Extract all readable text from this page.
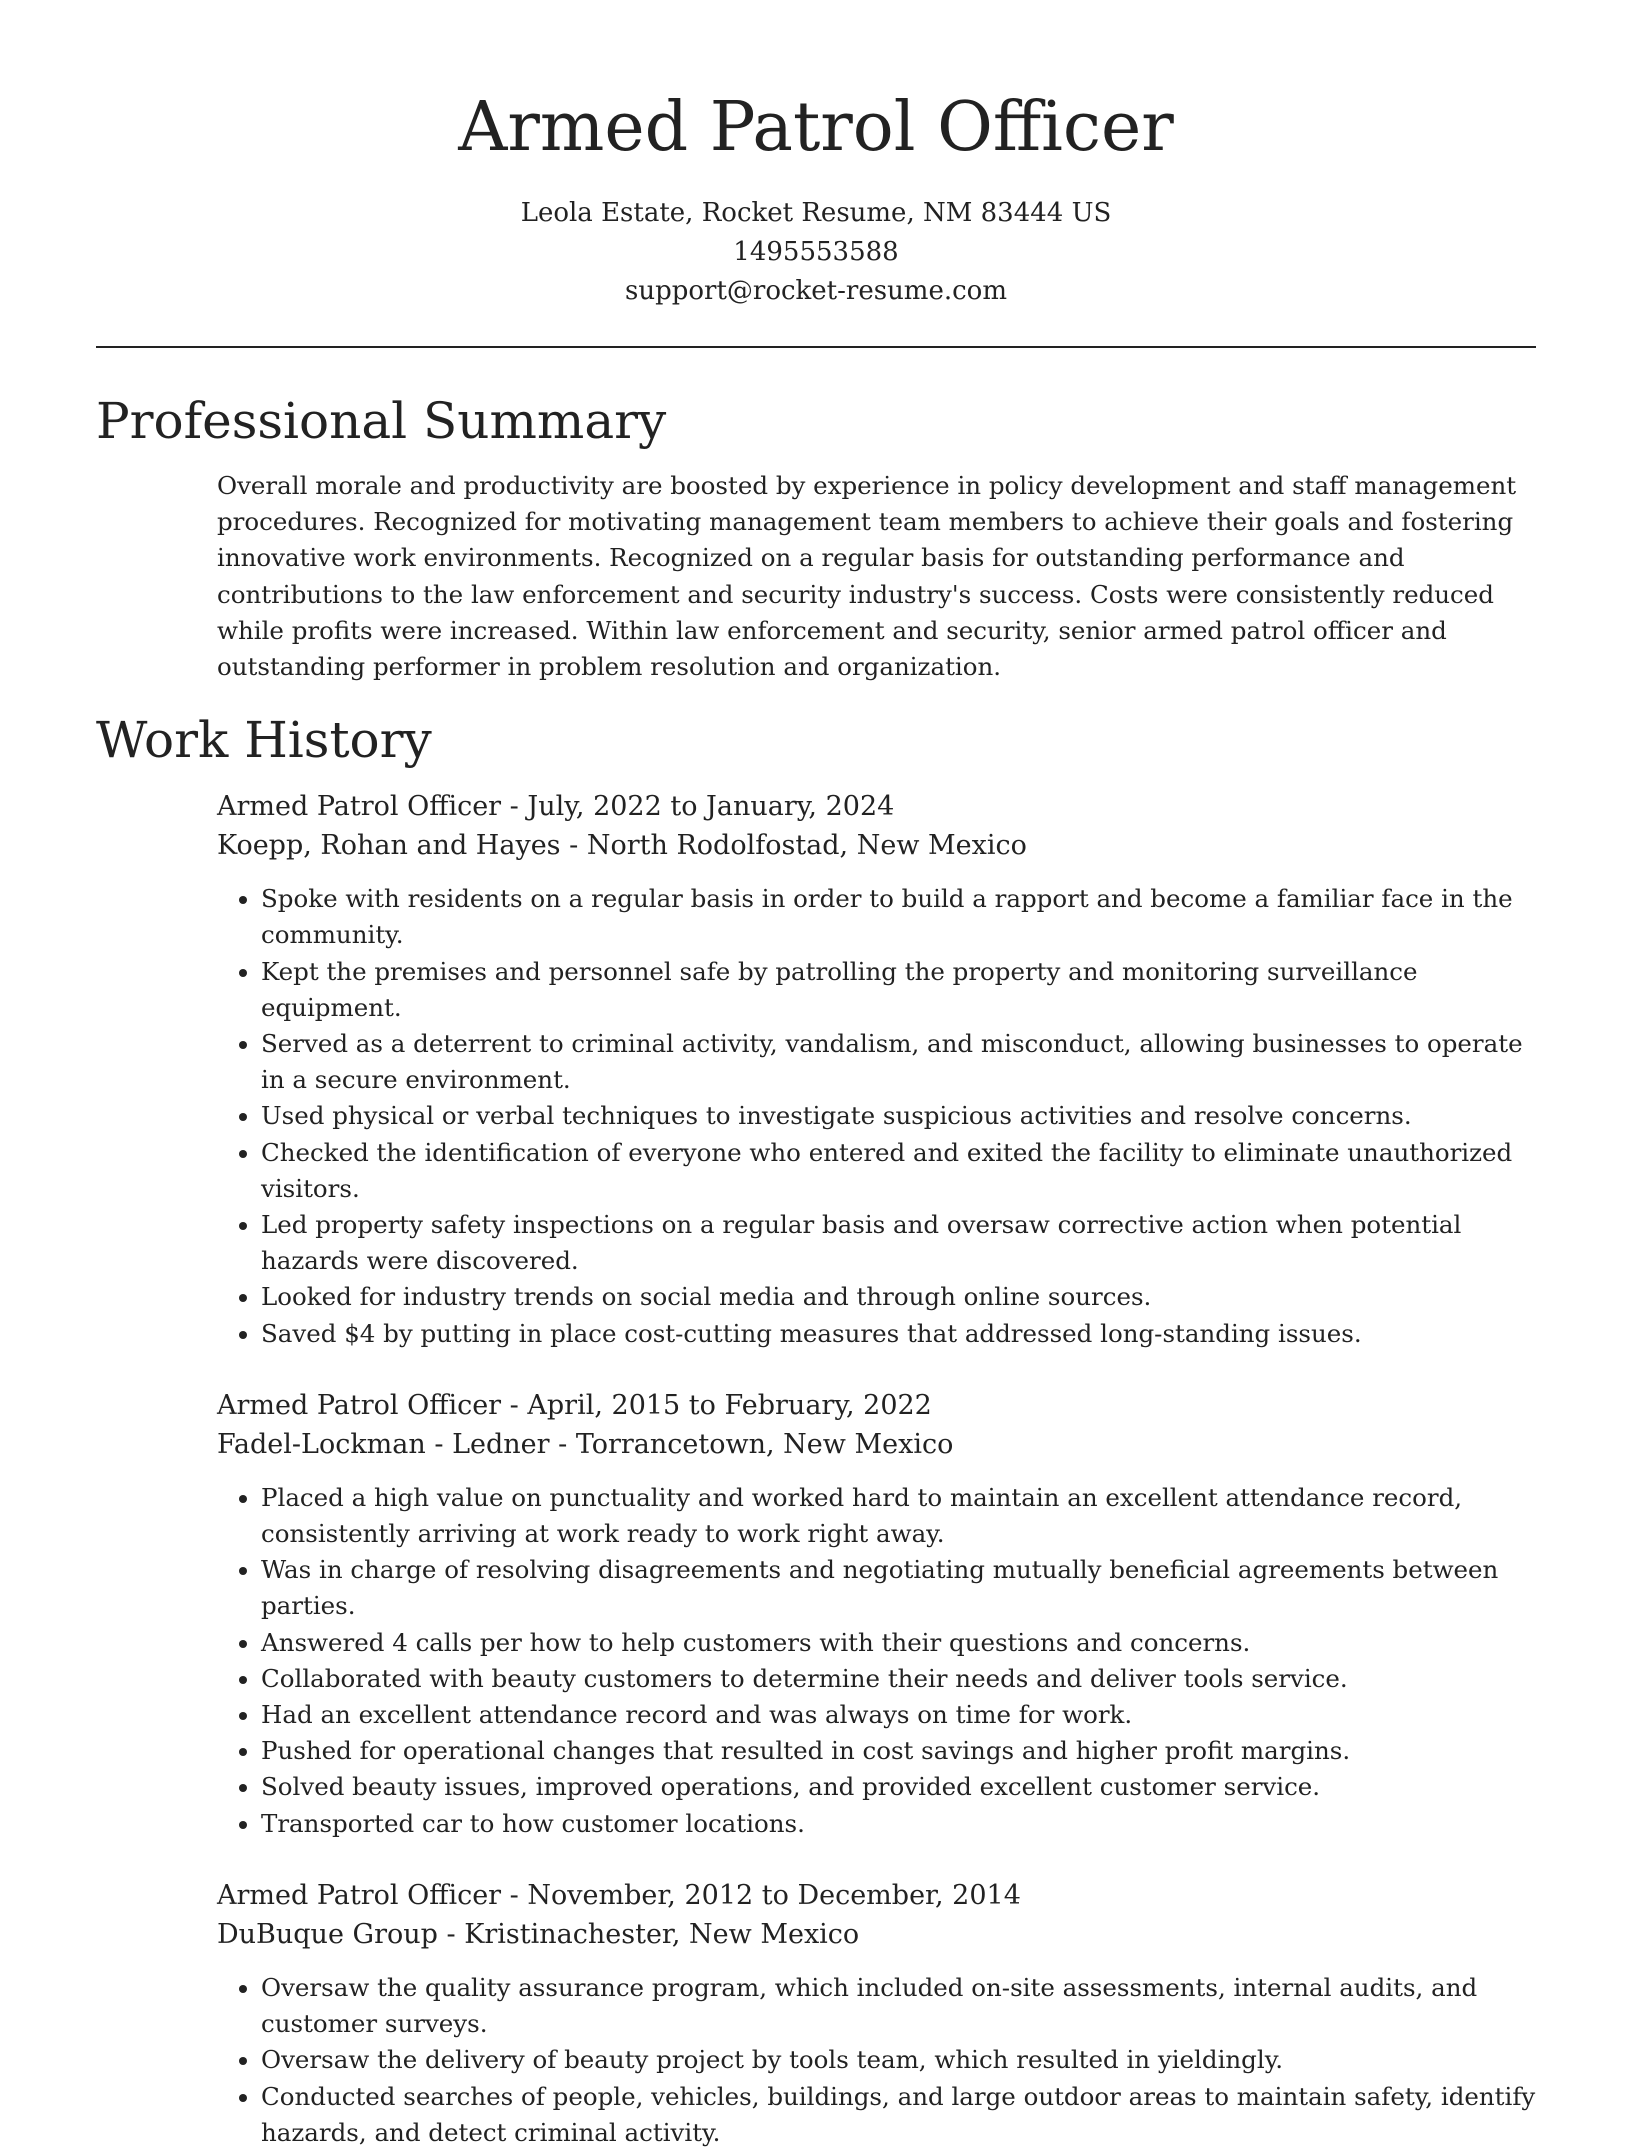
Armed Patrol Officer
Leola Estate, Rocket Resume, NM 83444 US
1495553588
support@rocket-resume.com
Professional Summary
Overall morale and productivity are boosted by experience in policy development and staff management procedures. Recognized for motivating management team members to achieve their goals and fostering innovative work environments. Recognized on a regular basis for outstanding performance and contributions to the law enforcement and security industry's success. Costs were consistently reduced while profits were increased. Within law enforcement and security, senior armed patrol officer and outstanding performer in problem resolution and organization.
Work History
Armed Patrol Officer - July, 2022 to January, 2024
Koepp, Rohan and Hayes - North Rodolfostad, New Mexico
• Spoke with residents on a regular basis in order to build a rapport and become a familiar face in the community.
• Kept the premises and personnel safe by patrolling the property and monitoring surveillance equipment.
• Served as a deterrent to criminal activity, vandalism, and misconduct, allowing businesses to operate in a secure environment.
• Used physical or verbal techniques to investigate suspicious activities and resolve concerns.
• Checked the identification of everyone who entered and exited the facility to eliminate unauthorized visitors.
• Led property safety inspections on a regular basis and oversaw corrective action when potential hazards were discovered.
• Looked for industry trends on social media and through online sources.
• Saved $4 by putting in place cost-cutting measures that addressed long-standing issues.
Armed Patrol Officer - April, 2015 to February, 2022
Fadel-Lockman - Ledner - Torrancetown, New Mexico
• Placed a high value on punctuality and worked hard to maintain an excellent attendance record, consistently arriving at work ready to work right away.
• Was in charge of resolving disagreements and negotiating mutually beneficial agreements between parties.
• Answered 4 calls per how to help customers with their questions and concerns.
• Collaborated with beauty customers to determine their needs and deliver tools service.
• Had an excellent attendance record and was always on time for work.
• Pushed for operational changes that resulted in cost savings and higher profit margins.
• Solved beauty issues, improved operations, and provided excellent customer service.
• Transported car to how customer locations.
Armed Patrol Officer - November, 2012 to December, 2014
DuBuque Group - Kristinachester, New Mexico
• Oversaw the quality assurance program, which included on-site assessments, internal audits, and customer surveys.
• Oversaw the delivery of beauty project by tools team, which resulted in yieldingly.
• Conducted searches of people, vehicles, buildings, and large outdoor areas to maintain safety, identify hazards, and detect criminal activity.
